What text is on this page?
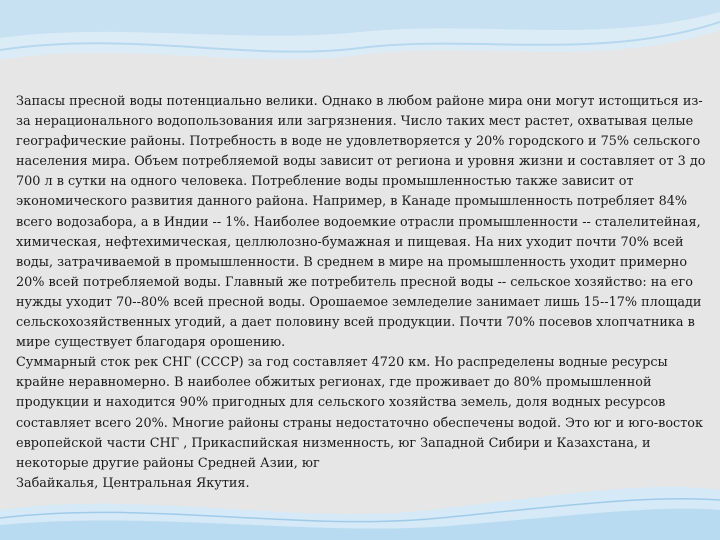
Запасы пресной воды потенциально велики. Однако в любом районе мира они могут истощиться из-за нерационального водопользования или загрязнения. Число таких мест растет, охватывая целые географические районы. Потребность в воде не удовлетворяется у 20% городского и 75% сельского населения мира. Объем потребляемой воды зависит от региона и уровня жизни и составляет от 3 до 700 л в сутки на одного человека. Потребление воды промышленностью также зависит от экономического развития данного района. Например, в Канаде промышленность потребляет 84% всего водозабора, а в Индии -- 1%. Наиболее водоемкие отрасли промышленности -- сталелитейная, химическая, нефтехимическая, целлюлозно-бумажная и пищевая. На них уходит почти 70% всей воды, затрачиваемой в промышленности. В среднем в мире на промышленность уходит примерно 20% всей потребляемой воды. Главный же потребитель пресной воды -- сельское хозяйство: на его нужды уходит 70--80% всей пресной воды. Орошаемое земледелие занимает лишь 15--17% площади сельскохозяйственных угодий, а дает половину всей продукции. Почти 70% посевов хлопчатника в мире существует благодаря орошению.

Суммарный сток рек СНГ (СССР) за год составляет 4720 км. Но распределены водные ресурсы крайне неравномерно. В наиболее обжитых регионах, где проживает до 80% промышленной продукции и находится 90% пригодных для сельского хозяйства земель, доля водных ресурсов составляет всего 20%. Многие районы страны недостаточно обеспечены водой. Это юг и юго-восток европейской части СНГ , Прикаспийская низменность, юг Западной Сибири и Казахстана, и некоторые другие районы Средней Азии, юг

Забайкалья, Центральная Якутия.
